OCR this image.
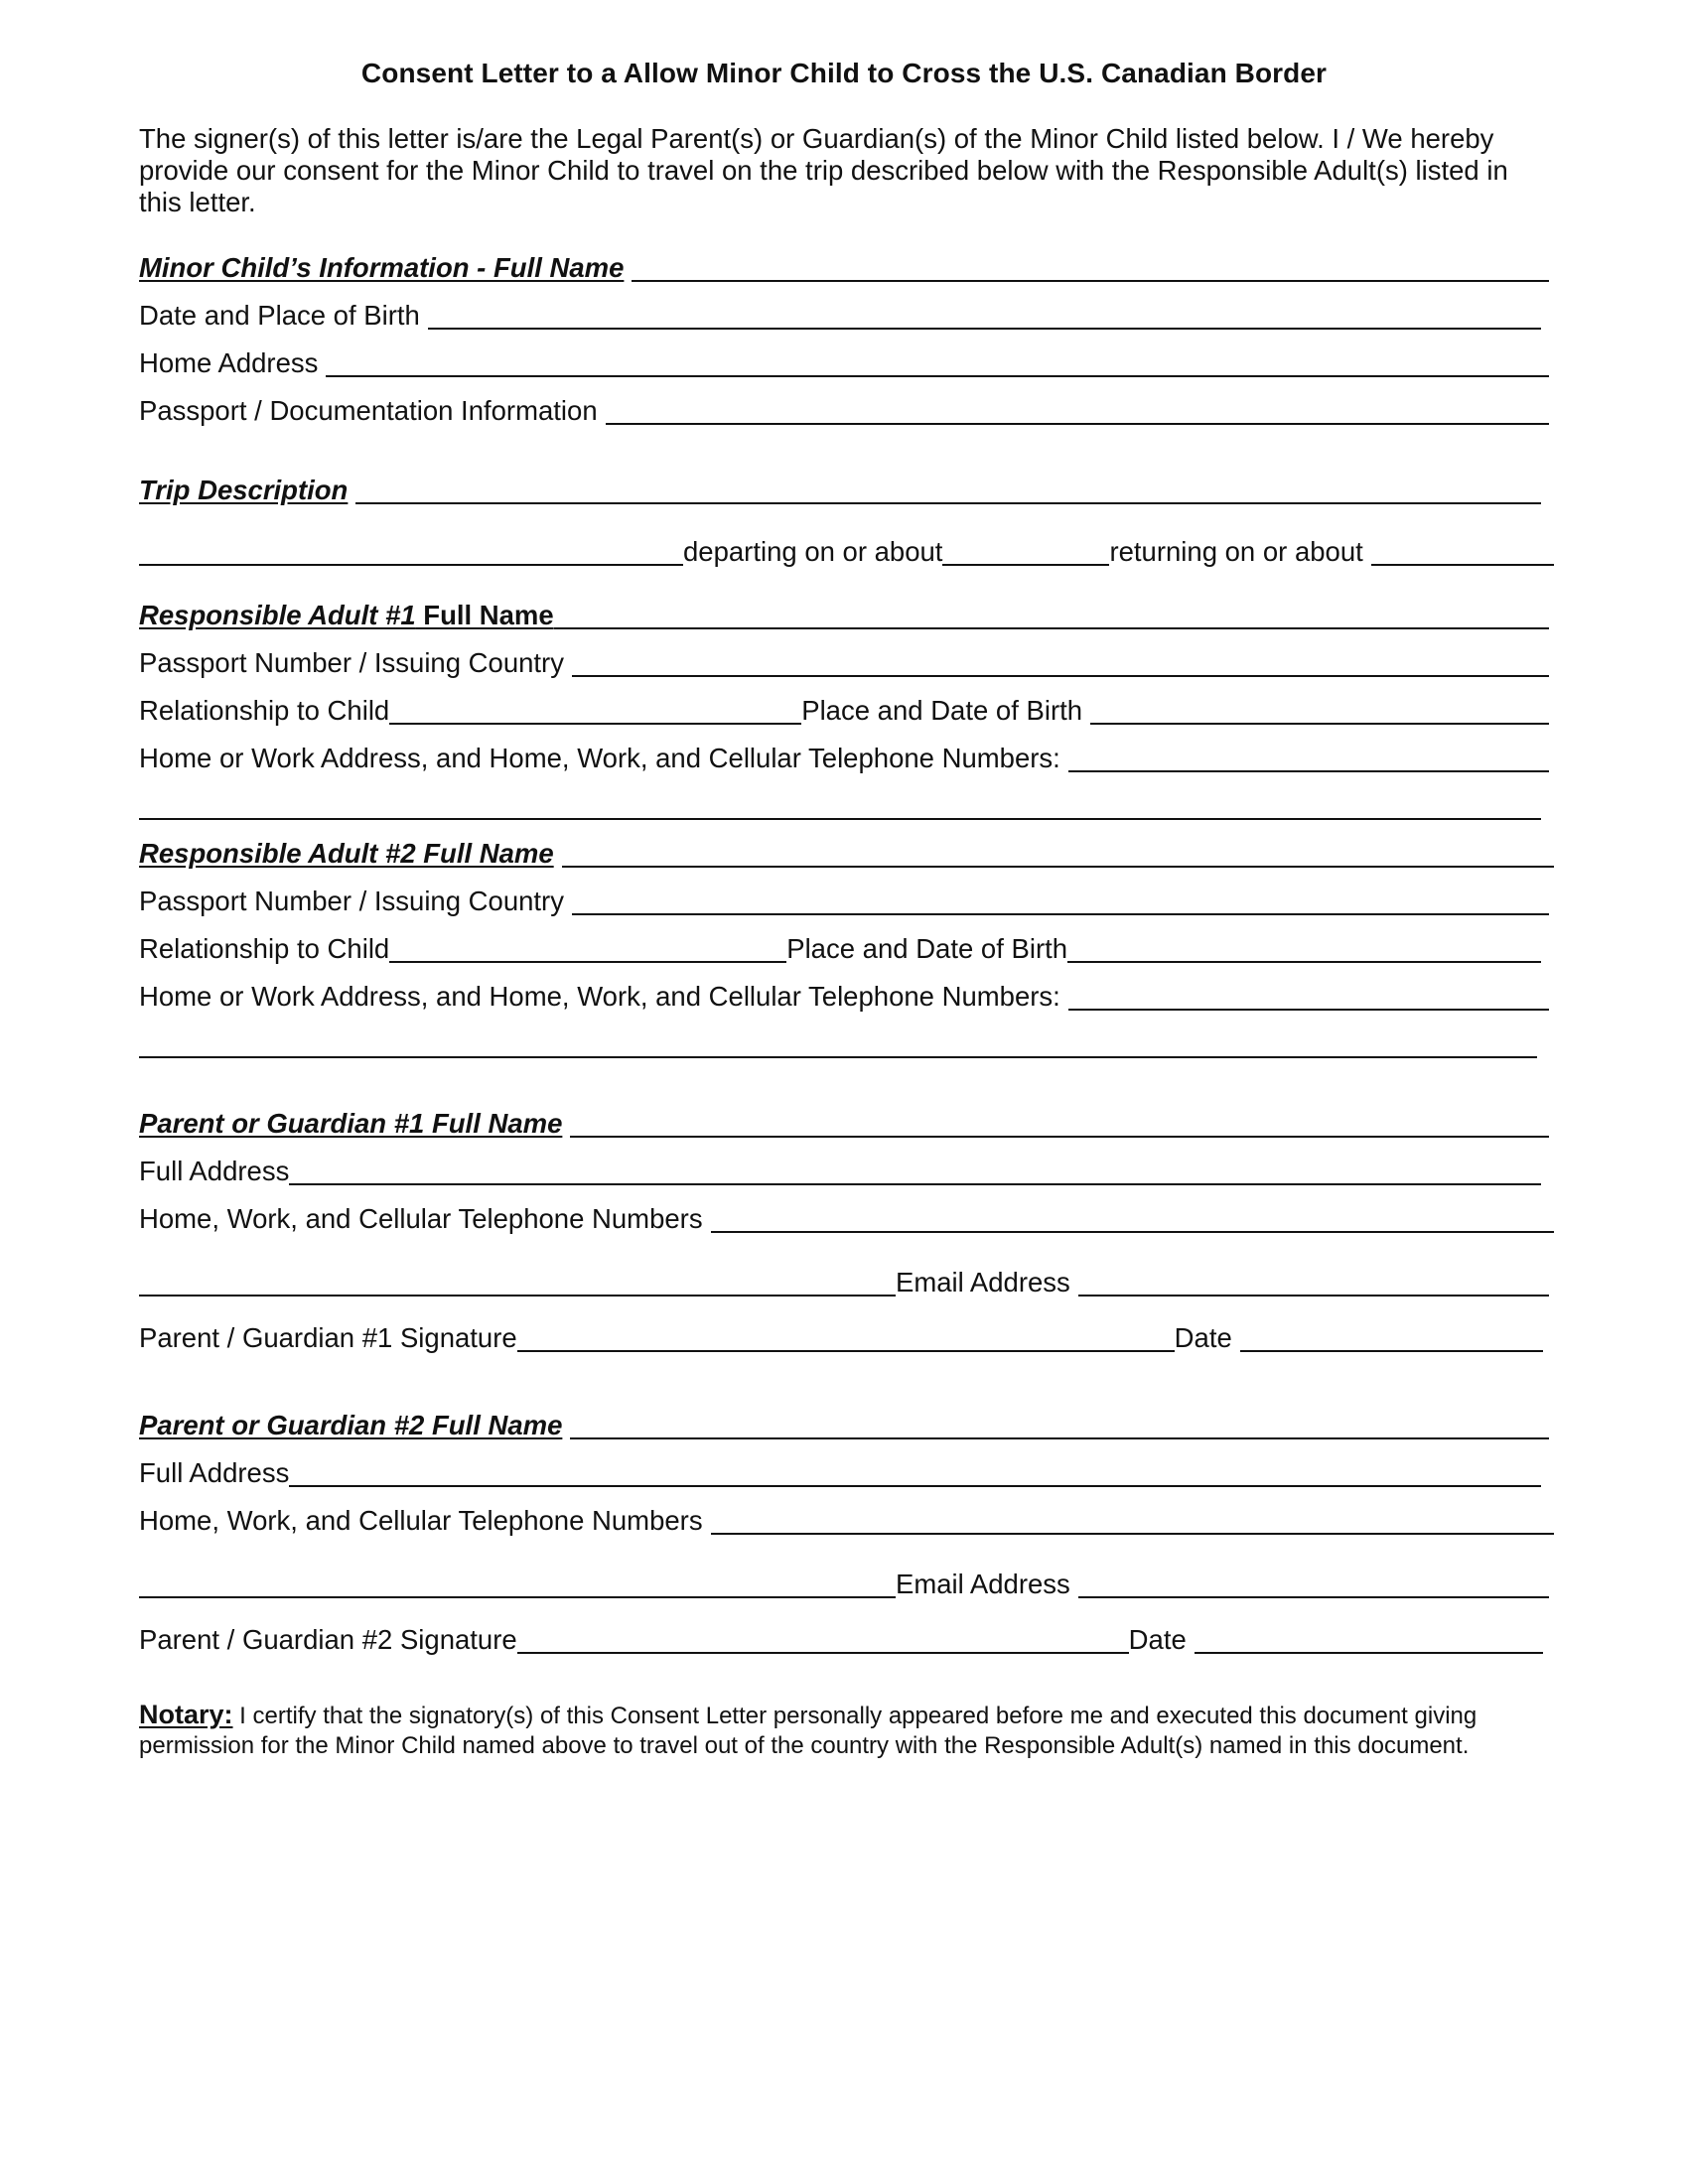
Consent Letter to a Allow Minor Child to Cross the U.S. Canadian Border
The signer(s) of this letter is/are the Legal Parent(s) or Guardian(s) of the Minor Child listed below. I / We hereby provide our consent for the Minor Child to travel on the trip described below with the Responsible Adult(s) listed in this letter.
Minor Child’s Information - Full Name
Date and Place of Birth
Home Address
Passport / Documentation Information
Trip Description
departing on or about	returning on or about
Responsible Adult #1 Full Name
Passport Number / Issuing Country
Relationship to Child	Place and Date of Birth
Home or Work Address, and Home, Work, and Cellular Telephone Numbers:
Responsible Adult #2 Full Name
Passport Number / Issuing Country
Relationship to Child	Place and Date of Birth
Home or Work Address, and Home, Work, and Cellular Telephone Numbers:
Parent or Guardian #1 Full Name
Full Address
Home, Work, and Cellular Telephone Numbers
Email Address
Parent / Guardian #1 Signature	Date
Parent or Guardian #2 Full Name
Full Address
Home, Work, and Cellular Telephone Numbers
Email Address
Parent / Guardian #2 Signature	Date
Notary: I certify that the signatory(s) of this Consent Letter personally appeared before me and executed this document giving permission for the Minor Child named above to travel out of the country with the Responsible Adult(s) named in this document.
